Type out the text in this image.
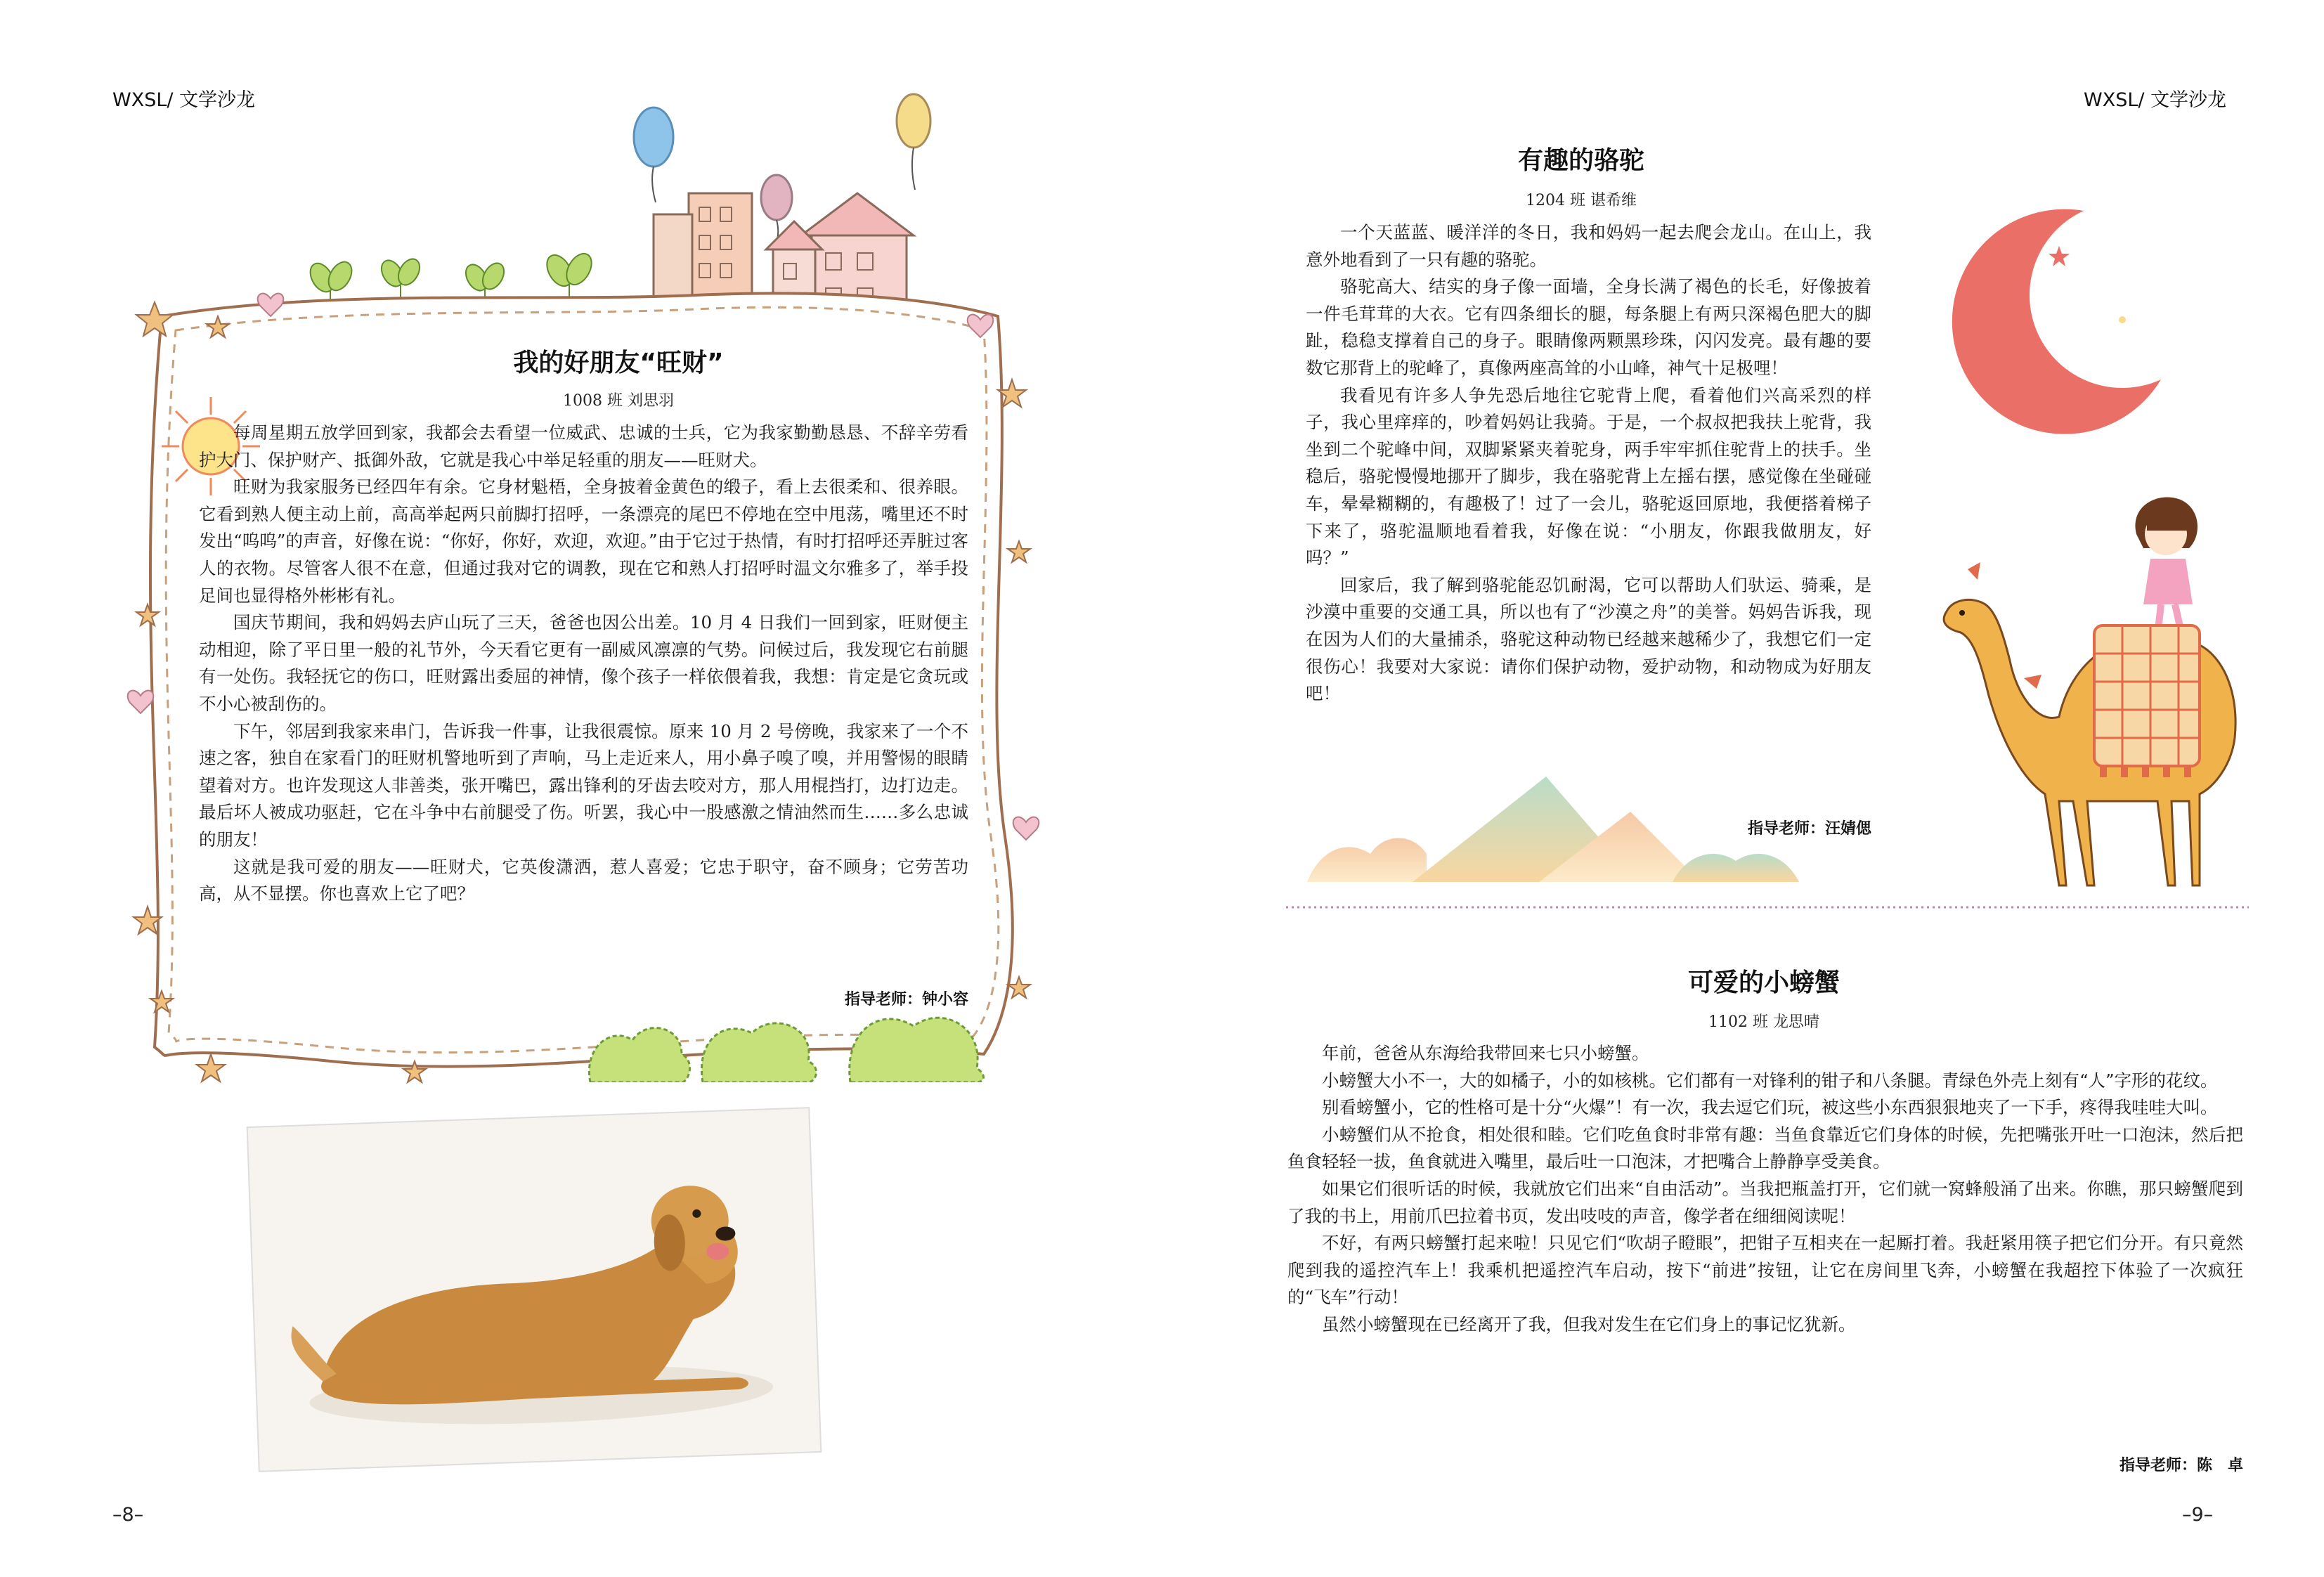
WXSL/ 文学沙龙	WXSL/ 文学沙龙
–8–	–9–
我的好朋友“旺财”
1008 班 刘思羽

每周星期五放学回到家，我都会去看望一位威武、忠诚的士兵，它为我家勤勤恳恳、不辞辛劳看护大门、保护财产、抵御外敌，它就是我心中举足轻重的朋友——旺财犬。

旺财为我家服务已经四年有余。它身材魁梧，全身披着金黄色的缎子，看上去很柔和、很养眼。它看到熟人便主动上前，高高举起两只前脚打招呼，一条漂亮的尾巴不停地在空中甩荡，嘴里还不时发出“呜呜”的声音，好像在说：“你好，你好，欢迎，欢迎。”由于它过于热情，有时打招呼还弄脏过客人的衣物。尽管客人很不在意，但通过我对它的调教，现在它和熟人打招呼时温文尔雅多了，举手投足间也显得格外彬彬有礼。

国庆节期间，我和妈妈去庐山玩了三天，爸爸也因公出差。10 月 4 日我们一回到家，旺财便主动相迎，除了平日里一般的礼节外，今天看它更有一副威风凛凛的气势。问候过后，我发现它右前腿有一处伤。我轻抚它的伤口，旺财露出委屈的神情，像个孩子一样依偎着我，我想：肯定是它贪玩或不小心被刮伤的。

下午，邻居到我家来串门，告诉我一件事，让我很震惊。原来 10 月 2 号傍晚，我家来了一个不速之客，独自在家看门的旺财机警地听到了声响，马上走近来人，用小鼻子嗅了嗅，并用警惕的眼睛望着对方。也许发现这人非善类，张开嘴巴，露出锋利的牙齿去咬对方，那人用棍挡打，边打边走。最后坏人被成功驱赶，它在斗争中右前腿受了伤。听罢，我心中一股感激之情油然而生……多么忠诚的朋友！

这就是我可爱的朋友——旺财犬，它英俊潇洒，惹人喜爱；它忠于职守，奋不顾身；它劳苦功高，从不显摆。你也喜欢上它了吧？

指导老师：钟小容
有趣的骆驼
1204 班 谌希维

一个天蓝蓝、暖洋洋的冬日，我和妈妈一起去爬会龙山。在山上，我意外地看到了一只有趣的骆驼。

骆驼高大、结实的身子像一面墙，全身长满了褐色的长毛，好像披着一件毛茸茸的大衣。它有四条细长的腿，每条腿上有两只深褐色肥大的脚趾，稳稳支撑着自己的身子。眼睛像两颗黑珍珠，闪闪发亮。最有趣的要数它那背上的驼峰了，真像两座高耸的小山峰，神气十足极哩！

我看见有许多人争先恐后地往它驼背上爬，看着他们兴高采烈的样子，我心里痒痒的，吵着妈妈让我骑。于是，一个叔叔把我扶上驼背，我坐到二个驼峰中间，双脚紧紧夹着驼身，两手牢牢抓住驼背上的扶手。坐稳后，骆驼慢慢地挪开了脚步，我在骆驼背上左摇右摆，感觉像在坐碰碰车，晕晕糊糊的，有趣极了！过了一会儿，骆驼返回原地，我便搭着梯子下来了，骆驼温顺地看着我，好像在说：“小朋友，你跟我做朋友，好吗？”

回家后，我了解到骆驼能忍饥耐渴，它可以帮助人们驮运、骑乘，是沙漠中重要的交通工具，所以也有了“沙漠之舟”的美誉。妈妈告诉我，现在因为人们的大量捕杀，骆驼这种动物已经越来越稀少了，我想它们一定很伤心！我要对大家说：请你们保护动物，爱护动物，和动物成为好朋友吧！

指导老师：汪婧偲
可爱的小螃蟹
1102 班 龙思晴

年前，爸爸从东海给我带回来七只小螃蟹。

小螃蟹大小不一，大的如橘子，小的如核桃。它们都有一对锋利的钳子和八条腿。青绿色外壳上刻有“人”字形的花纹。

别看螃蟹小，它的性格可是十分“火爆”！有一次，我去逗它们玩，被这些小东西狠狠地夹了一下手，疼得我哇哇大叫。

小螃蟹们从不抢食，相处很和睦。它们吃鱼食时非常有趣：当鱼食靠近它们身体的时候，先把嘴张开吐一口泡沫，然后把鱼食轻轻一拔，鱼食就进入嘴里，最后吐一口泡沫，才把嘴合上静静享受美食。

如果它们很听话的时候，我就放它们出来“自由活动”。当我把瓶盖打开，它们就一窝蜂般涌了出来。你瞧，那只螃蟹爬到了我的书上，用前爪巴拉着书页，发出吱吱的声音，像学者在细细阅读呢！

不好，有两只螃蟹打起来啦！只见它们“吹胡子瞪眼”，把钳子互相夹在一起厮打着。我赶紧用筷子把它们分开。有只竟然爬到我的遥控汽车上！我乘机把遥控汽车启动，按下“前进”按钮，让它在房间里飞奔，小螃蟹在我超控下体验了一次疯狂的“飞车”行动！

虽然小螃蟹现在已经离开了我，但我对发生在它们身上的事记忆犹新。

指导老师：陈　卓
